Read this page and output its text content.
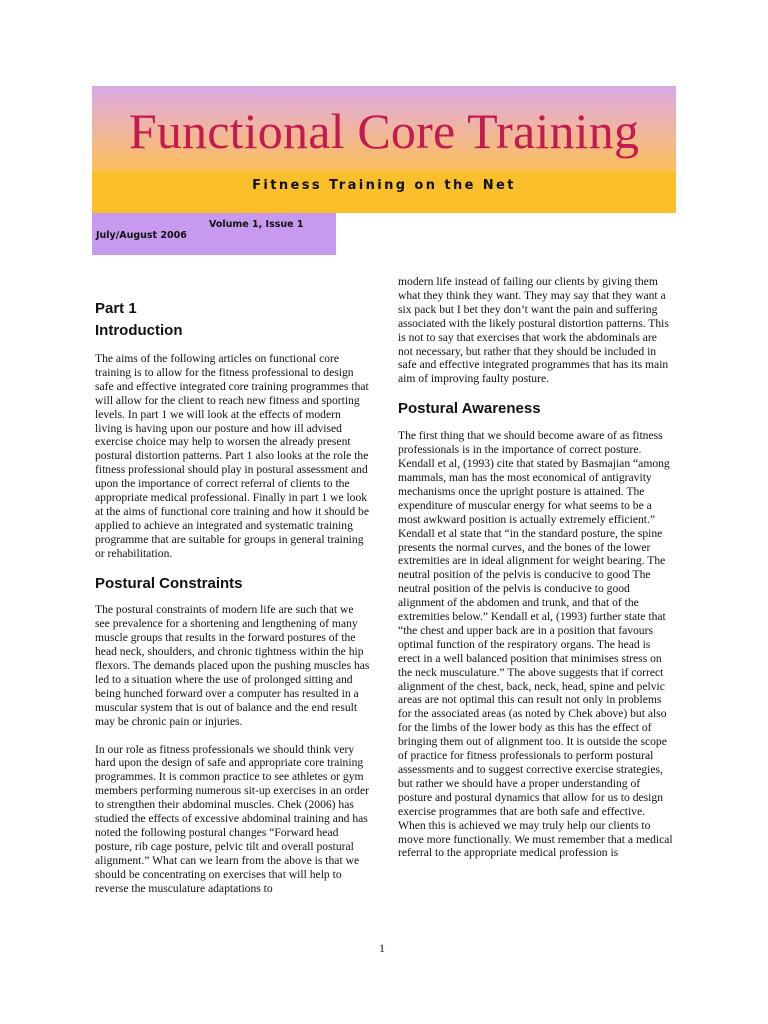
Functional Core Training
Fitness Training on the Net
Volume 1, Issue 1
July/August 2006
Part 1
Introduction

The aims of the following articles on functional core training is to allow for the fitness professional to design safe and effective integrated core training programmes that will allow for the client to reach new fitness and sporting levels. In part 1 we will look at the effects of modern living is having upon our posture and how ill advised exercise choice may help to worsen the already present postural distortion patterns. Part 1 also looks at the role the fitness professional should play in postural assessment and upon the importance of correct referral of clients to the appropriate medical professional. Finally in part 1 we look at the aims of functional core training and how it should be applied to achieve an integrated and systematic training programme that are suitable for groups in general training or rehabilitation.

Postural Constraints

The postural constraints of modern life are such that we see prevalence for a shortening and lengthening of many muscle groups that results in the forward postures of the head neck, shoulders, and chronic tightness within the hip flexors. The demands placed upon the pushing muscles has led to a situation where the use of prolonged sitting and being hunched forward over a computer has resulted in a muscular system that is out of balance and the end result may be chronic pain or injuries.

In our role as fitness professionals we should think very hard upon the design of safe and appropriate core training programmes. It is common practice to see athletes or gym members performing numerous sit-up exercises in an order to strengthen their abdominal muscles. Chek (2006) has studied the effects of excessive abdominal training and has noted the following postural changes “Forward head posture, rib cage posture, pelvic tilt and overall postural alignment.” What can we learn from the above is that we should be concentrating on exercises that will help to reverse the musculature adaptations to

modern life instead of failing our clients by giving them what they think they want. They may say that they want a six pack but I bet they don’t want the pain and suffering associated with the likely postural distortion patterns. This is not to say that exercises that work the abdominals are not necessary, but rather that they should be included in safe and effective integrated programmes that has its main aim of improving faulty posture.

Postural Awareness

The first thing that we should become aware of as fitness professionals is in the importance of correct posture. Kendall et al, (1993) cite that stated by Basmajian “among mammals, man has the most economical of antigravity mechanisms once the upright posture is attained. The expenditure of muscular energy for what seems to be a most awkward position is actually extremely efficient.” Kendall et al state that “in the standard posture, the spine presents the normal curves, and the bones of the lower extremities are in ideal alignment for weight bearing. The neutral position of the pelvis is conducive to good The neutral position of the pelvis is conducive to good alignment of the abdomen and trunk, and that of the extremities below.” Kendall et al, (1993) further state that “the chest and upper back are in a position that favours optimal function of the respiratory organs. The head is erect in a well balanced position that minimises stress on the neck musculature.” The above suggests that if correct alignment of the chest, back, neck, head, spine and pelvic areas are not optimal this can result not only in problems for the associated areas (as noted by Chek above) but also for the limbs of the lower body as this has the effect of bringing them out of alignment too. It is outside the scope of practice for fitness professionals to perform postural assessments and to suggest corrective exercise strategies, but rather we should have a proper understanding of posture and postural dynamics that allow for us to design exercise programmes that are both safe and effective. When this is achieved we may truly help our clients to move more functionally. We must remember that a medical referral to the appropriate medical profession is

1
